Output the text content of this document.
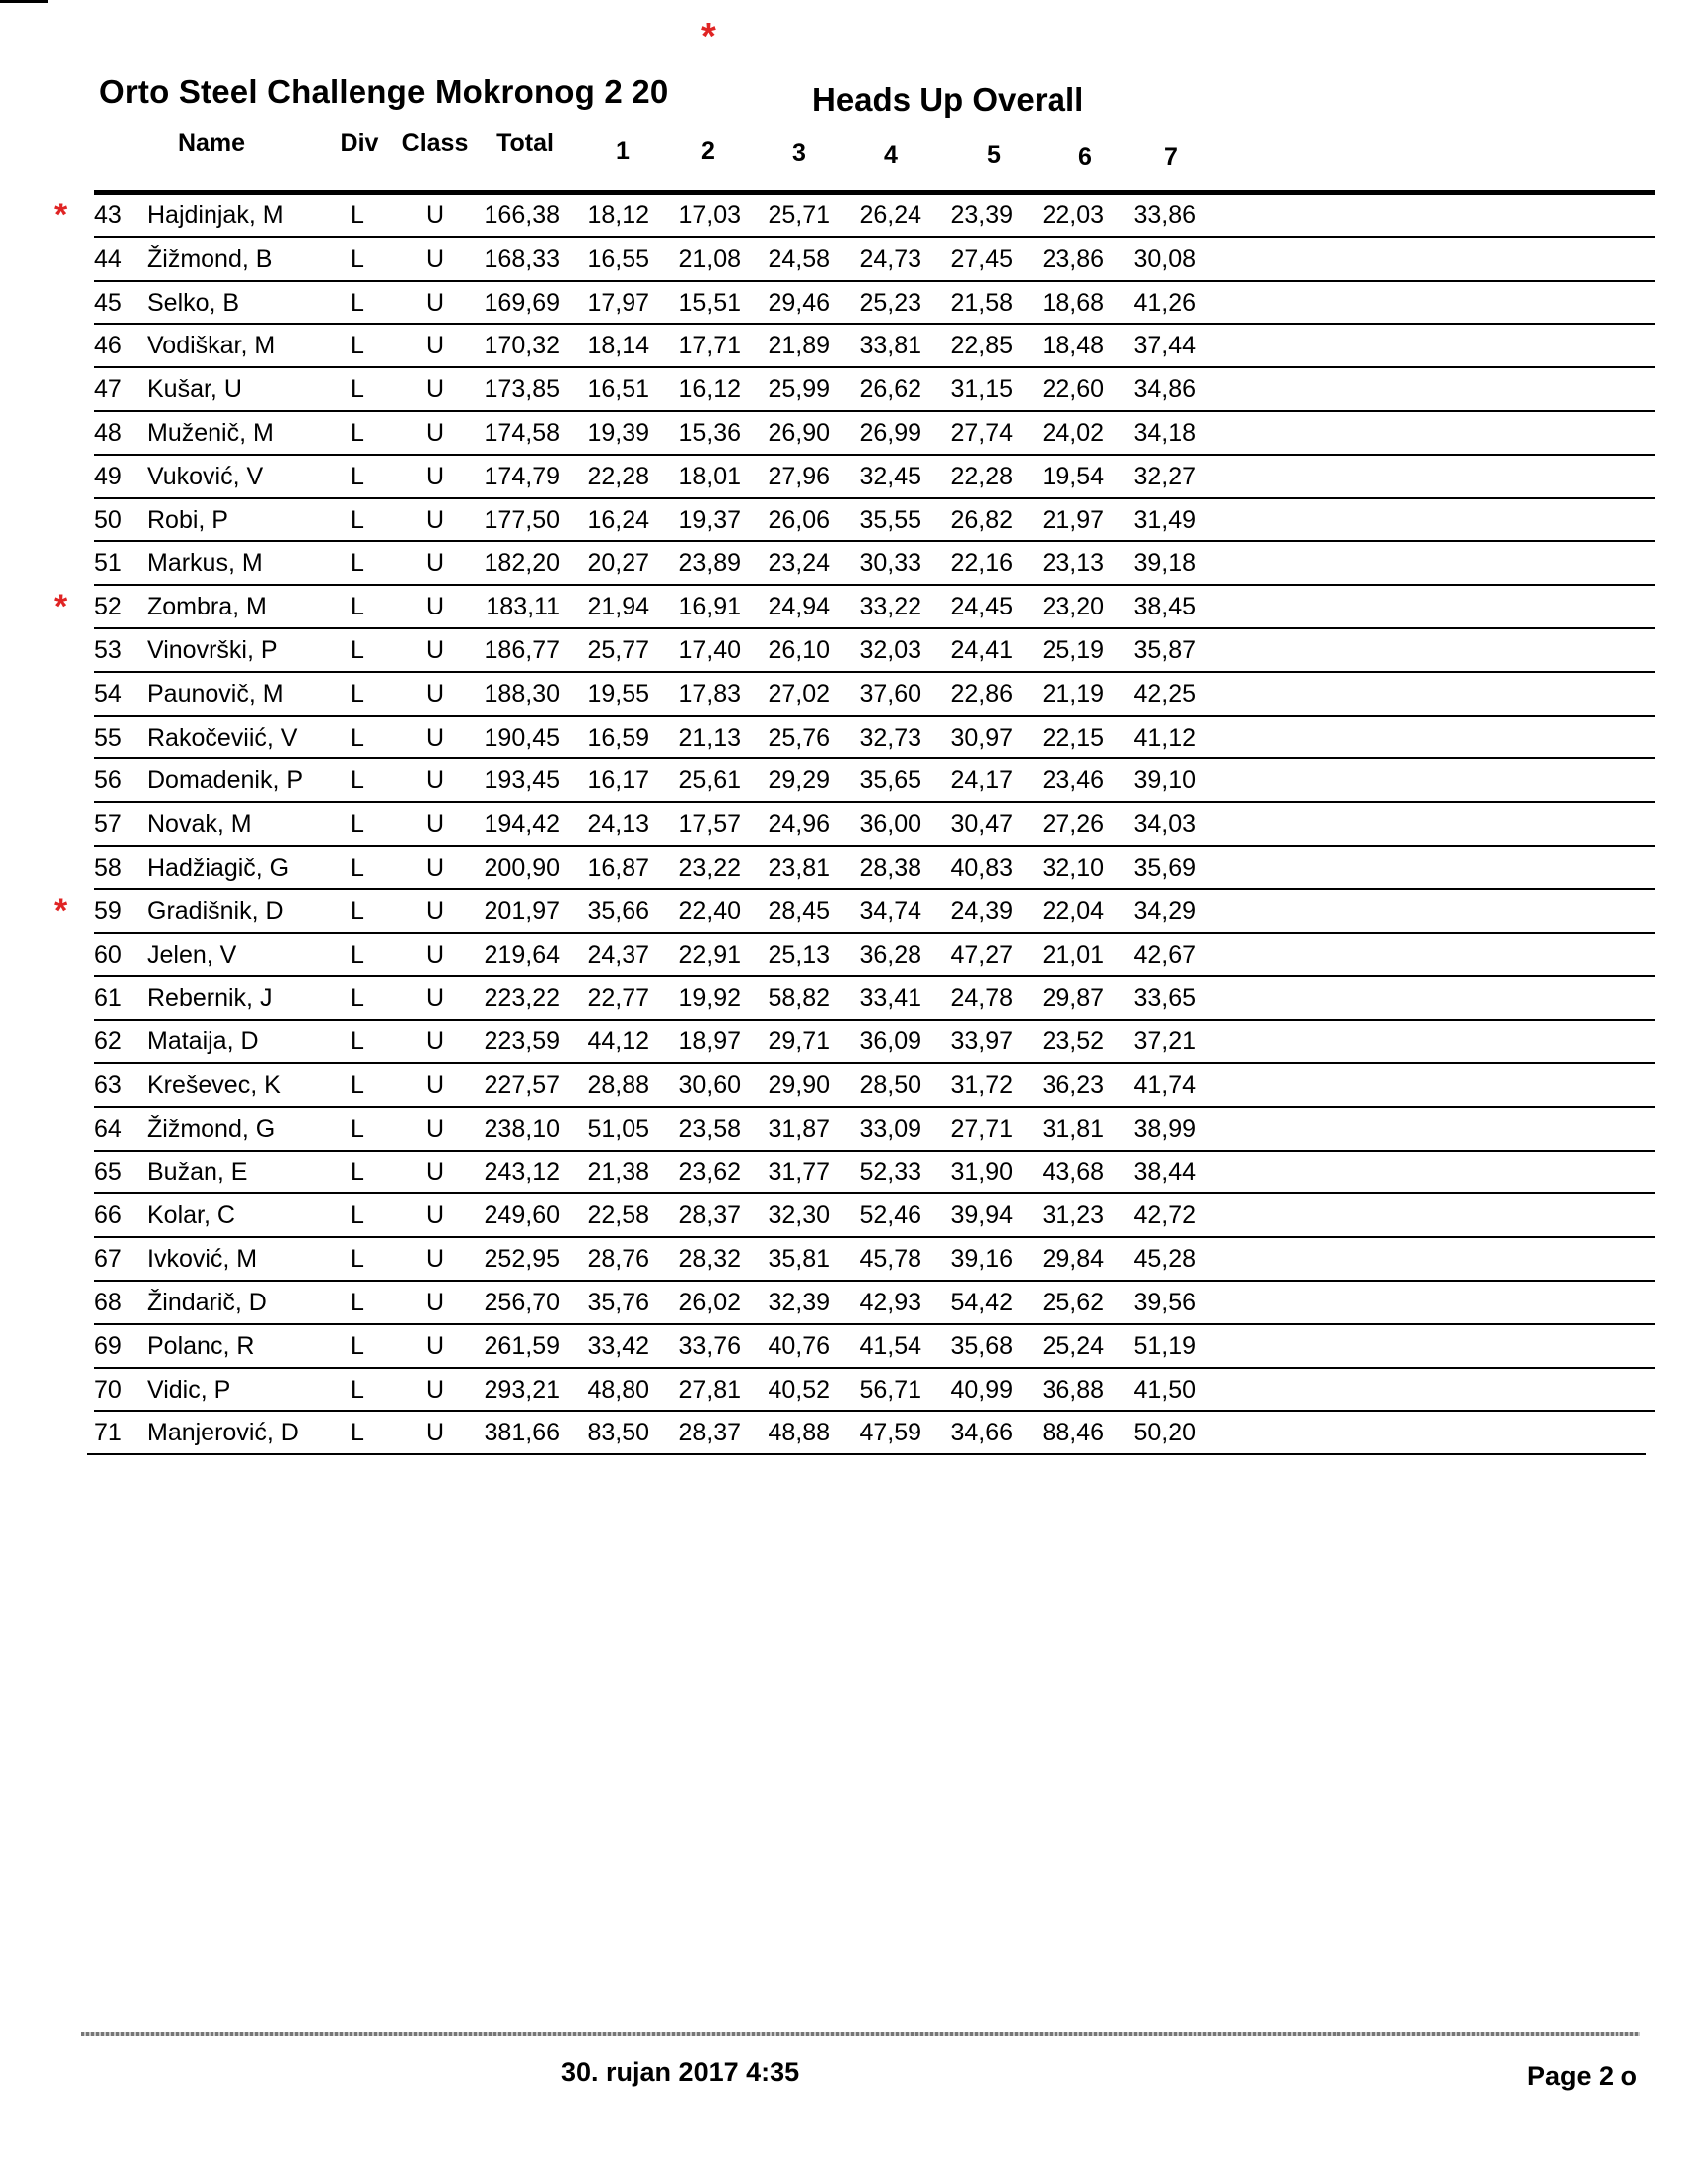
*
Orto Steel Challenge Mokronog 2 20	Heads Up Overall
Name	Div Class	Total	1	2	3	4	5	6	7
* 43	Hajdinjak, M	L	U	166,38	18,12	17,03	25,71	26,24	23,39	22,03	33,86
44	Žižmond, B	L	U	168,33	16,55	21,08	24,58	24,73	27,45	23,86	30,08
45	Selko, B	L	U	169,69	17,97	15,51	29,46	25,23	21,58	18,68	41,26
46	Vodiškar, M	L	U	170,32	18,14	17,71	21,89	33,81	22,85	18,48	37,44
47	Kušar, U	L	U	173,85	16,51	16,12	25,99	26,62	31,15	22,60	34,86
48	Muženič, M	L	U	174,58	19,39	15,36	26,90	26,99	27,74	24,02	34,18
49	Vuković, V	L	U	174,79	22,28	18,01	27,96	32,45	22,28	19,54	32,27
50	Robi, P	L	U	177,50	16,24	19,37	26,06	35,55	26,82	21,97	31,49
51	Markus, M	L	U	182,20	20,27	23,89	23,24	30,33	22,16	23,13	39,18
* 52	Zombra, M	L	U	183,11	21,94	16,91	24,94	33,22	24,45	23,20	38,45
53	Vinovrški, P	L	U	186,77	25,77	17,40	26,10	32,03	24,41	25,19	35,87
54	Paunovič, M	L	U	188,30	19,55	17,83	27,02	37,60	22,86	21,19	42,25
55	Rakočeviić, V	L	U	190,45	16,59	21,13	25,76	32,73	30,97	22,15	41,12
56	Domadenik, P	L	U	193,45	16,17	25,61	29,29	35,65	24,17	23,46	39,10
57	Novak, M	L	U	194,42	24,13	17,57	24,96	36,00	30,47	27,26	34,03
58	Hadžiagič, G	L	U	200,90	16,87	23,22	23,81	28,38	40,83	32,10	35,69
* 59	Gradišnik, D	L	U	201,97	35,66	22,40	28,45	34,74	24,39	22,04	34,29
60	Jelen, V	L	U	219,64	24,37	22,91	25,13	36,28	47,27	21,01	42,67
61	Rebernik, J	L	U	223,22	22,77	19,92	58,82	33,41	24,78	29,87	33,65
62	Mataija, D	L	U	223,59	44,12	18,97	29,71	36,09	33,97	23,52	37,21
63	Kreševec, K	L	U	227,57	28,88	30,60	29,90	28,50	31,72	36,23	41,74
64	Žižmond, G	L	U	238,10	51,05	23,58	31,87	33,09	27,71	31,81	38,99
65	Bužan, E	L	U	243,12	21,38	23,62	31,77	52,33	31,90	43,68	38,44
66	Kolar, C	L	U	249,60	22,58	28,37	32,30	52,46	39,94	31,23	42,72
67	Ivković, M	L	U	252,95	28,76	28,32	35,81	45,78	39,16	29,84	45,28
68	Žindarič, D	L	U	256,70	35,76	26,02	32,39	42,93	54,42	25,62	39,56
69	Polanc, R	L	U	261,59	33,42	33,76	40,76	41,54	35,68	25,24	51,19
70	Vidic, P	L	U	293,21	48,80	27,81	40,52	56,71	40,99	36,88	41,50
71	Manjerović, D	L	U	381,66	83,50	28,37	48,88	47,59	34,66	88,46	50,20
30. rujan 2017 4:35	Page 2 o
